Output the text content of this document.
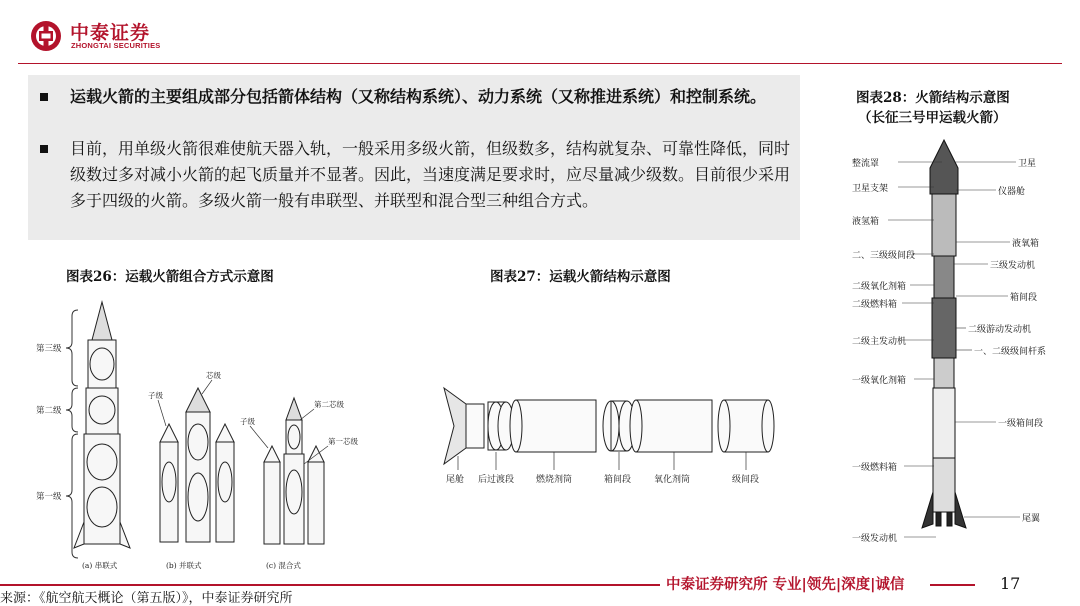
中泰证券
ZHONGTAI SECURITIES

运载火箭的主要组成部分包括箭体结构（又称结构系统）、动力系统（又称推进系统）和控制系统。

目前，用单级火箭很难使航天器入轨，一般采用多级火箭，但级数多，结构就复杂、可靠性降低，同时级数过多对减小火箭的起飞质量并不显著。因此，当速度满足要求时，应尽量减少级数。目前很少采用多于四级的火箭。多级火箭一般有串联型、并联型和混合型三种组合方式。

图表26：运载火箭组合方式示意图
第三级
第二级
第一级
(a) 串联式
子级
芯级
(b) 并联式
子级
第二芯级
第一芯级
(c) 混合式
图表27：运载火箭结构示意图
尾舱 后过渡段 燃烧剂筒	箱间段	氧化剂筒	级间段
图表28：火箭结构示意图
（长征三号甲运载火箭）
整流罩
卫星支架
液氢箱
二、三级级间段
二级氧化剂箱
二级燃料箱
二级主发动机
一级氧化剂箱
一级燃料箱
一级发动机
卫星
仪器舱
液氧箱
三级发动机
箱间段
二级游动发动机
一、二级级间杆系
一级箱间段
尾翼
中泰证券研究所 专业|领先|深度|诚信	17
来源：《航空航天概论（第五版）》，中泰证券研究所
